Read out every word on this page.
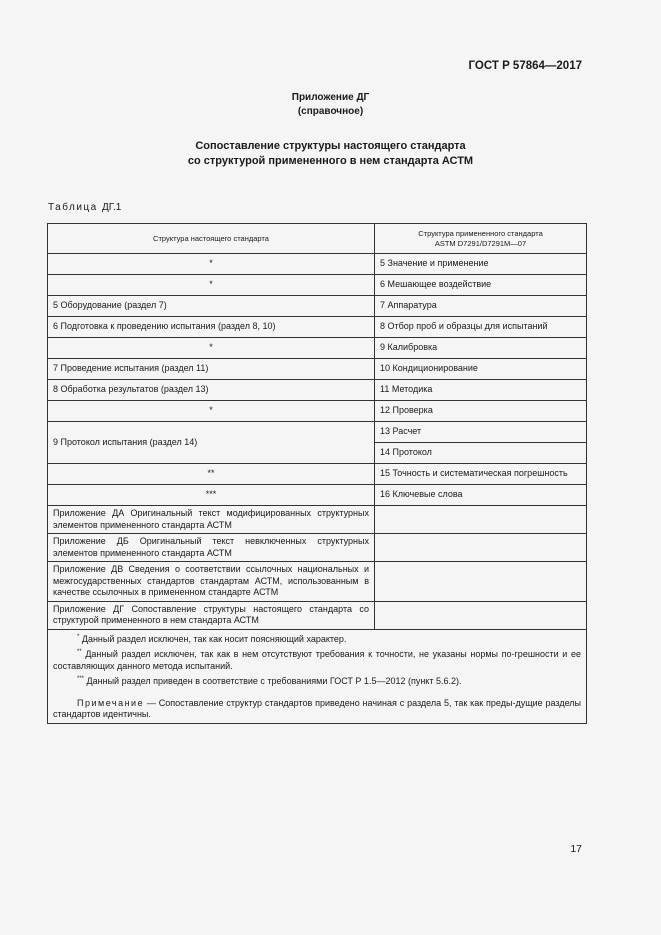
ГОСТ Р 57864—2017
Приложение ДГ
(справочное)
Сопоставление структуры настоящего стандарта
со структурой примененного в нем стандарта АСТМ
Таблица ДГ.1
Структура настоящего стандарта	Структура примененного стандарта
ASTM D7291/D7291M—07

*	5 Значение и применение
*	6 Мешающее воздействие
5 Оборудование (раздел 7)	7 Аппаратура
6 Подготовка к проведению испытания (раздел 8, 10)	8 Отбор проб и образцы для испытаний
*	9 Калибровка
7 Проведение испытания (раздел 11)	10 Кондиционирование
8 Обработка результатов (раздел 13)	11 Методика
*	12 Проверка
9 Протокол испытания (раздел 14)	13 Расчет
	14 Протокол
**	15 Точность и систематическая погрешность
***	16 Ключевые слова
Приложение ДА Оригинальный текст модифицированных структурных элементов примененного стандарта АСТМ	
Приложение ДБ Оригинальный текст невключенных структурных элементов примененного стандарта АСТМ	
Приложение ДВ Сведения о соответствии ссылочных национальных и межгосударственных стандартов стандартам АСТМ, использованным в качестве ссылочных в примененном стандарте АСТМ	
Приложение ДГ Сопоставление структуры настоящего стандарта со структурой примененного в нем стандарта АСТМ	

* Данный раздел исключен, так как носит поясняющий характер.
** Данный раздел исключен, так как в нем отсутствуют требования к точности, не указаны нормы по-грешности и ее составляющих данного метода испытаний.
*** Данный раздел приведен в соответствие с требованиями ГОСТ Р 1.5—2012 (пункт 5.6.2).
Примечание — Сопоставление структур стандартов приведено начиная с раздела 5, так как преды-дущие разделы стандартов идентичны.	
17
